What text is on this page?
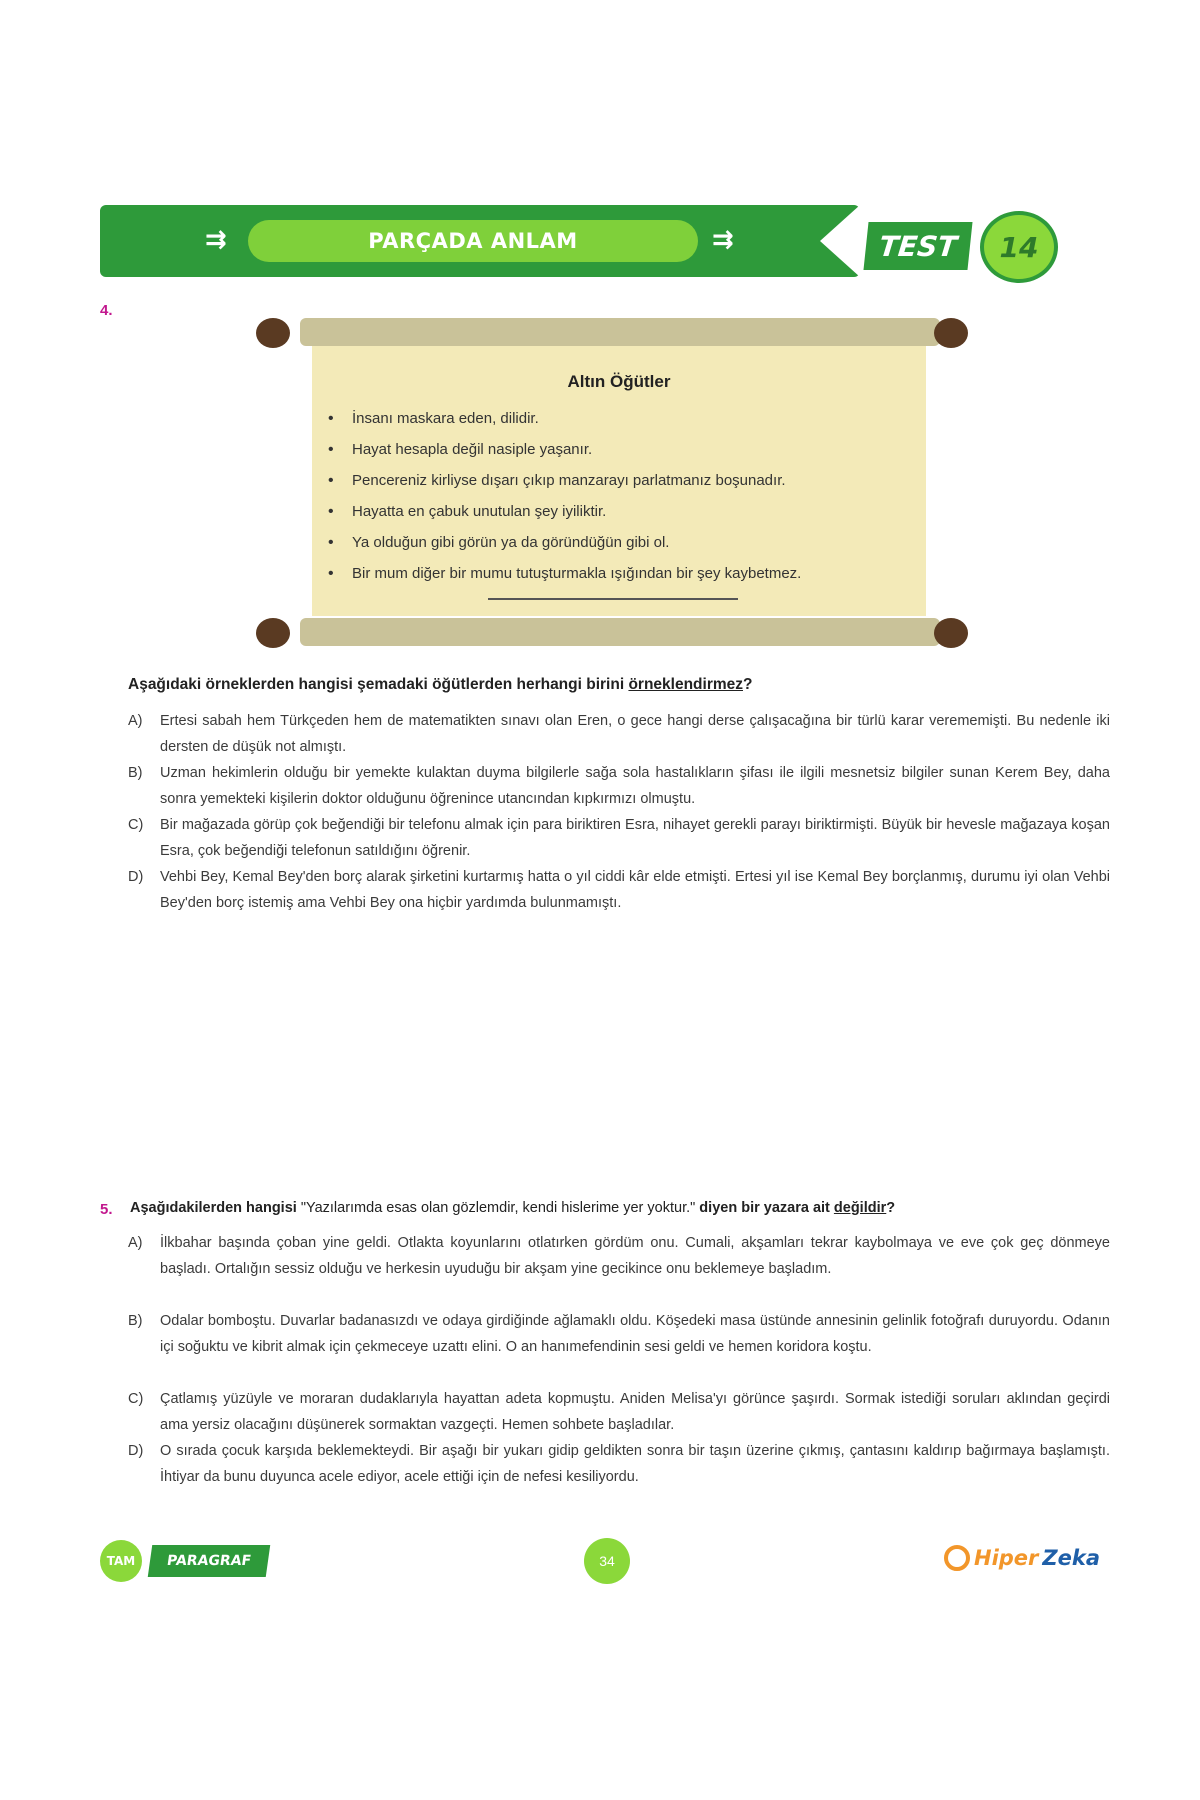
⇉	PARÇADA ANLAM	⇉	TEST	14
4.
Altın Öğütler
• İnsanı maskara eden, dilidir.
• Hayat hesapla değil nasiple yaşanır.
• Pencereniz kirliyse dışarı çıkıp manzarayı parlatmanız boşunadır.
• Hayatta en çabuk unutulan şey iyiliktir.
• Ya olduğun gibi görün ya da göründüğün gibi ol.
• Bir mum diğer bir mumu tutuşturmakla ışığından bir şey kaybetmez.
Aşağıdaki örneklerden hangisi şemadaki öğütlerden herhangi birini örneklendirmez?
A) Ertesi sabah hem Türkçeden hem de matematikten sınavı olan Eren, o gece hangi derse çalışacağına bir türlü karar verememişti. Bu nedenle iki dersten de düşük not almıştı.
B) Uzman hekimlerin olduğu bir yemekte kulaktan duyma bilgilerle sağa sola hastalıkların şifası ile ilgili mesnetsiz bilgiler sunan Kerem Bey, daha sonra yemekteki kişilerin doktor olduğunu öğrenince utancından kıpkırmızı olmuştu.
C) Bir mağazada görüp çok beğendiği bir telefonu almak için para biriktiren Esra, nihayet gerekli parayı biriktirmişti. Büyük bir hevesle mağazaya koşan Esra, çok beğendiği telefonun satıldığını öğrenir.
D) Vehbi Bey, Kemal Bey'den borç alarak şirketini kurtarmış hatta o yıl ciddi kâr elde etmişti. Ertesi yıl ise Kemal Bey borçlanmış, durumu iyi olan Vehbi Bey'den borç istemiş ama Vehbi Bey ona hiçbir yardımda bulunmamıştı.
5. Aşağıdakilerden hangisi "Yazılarımda esas olan gözlemdir, kendi hislerime yer yoktur." diyen bir yazara ait değildir?
A) İlkbahar başında çoban yine geldi. Otlakta koyunlarını otlatırken gördüm onu. Cumali, akşamları tekrar kaybolmaya ve eve çok geç dönmeye başladı. Ortalığın sessiz olduğu ve herkesin uyuduğu bir akşam yine gecikince onu beklemeye başladım.
B) Odalar bomboştu. Duvarlar badanasızdı ve odaya girdiğinde ağlamaklı oldu. Köşedeki masa üstünde annesinin gelinlik fotoğrafı duruyordu. Odanın içi soğuktu ve kibrit almak için çekmeceye uzattı elini. O an hanımefendinin sesi geldi ve hemen koridora koştu.
C) Çatlamış yüzüyle ve moraran dudaklarıyla hayattan adeta kopmuştu. Aniden Melisa'yı görünce şaşırdı. Sormak istediği soruları aklından geçirdi ama yersiz olacağını düşünerek sormaktan vazgeçti. Hemen sohbete başladılar.
D) O sırada çocuk karşıda beklemekteydi. Bir aşağı bir yukarı gidip geldikten sonra bir taşın üzerine çıkmış, çantasını kaldırıp bağırmaya başlamıştı. İhtiyar da bunu duyunca acele ediyor, acele ettiği için de nefesi kesiliyordu.
TAM	PARAGRAF	34	Hiper Zeka
